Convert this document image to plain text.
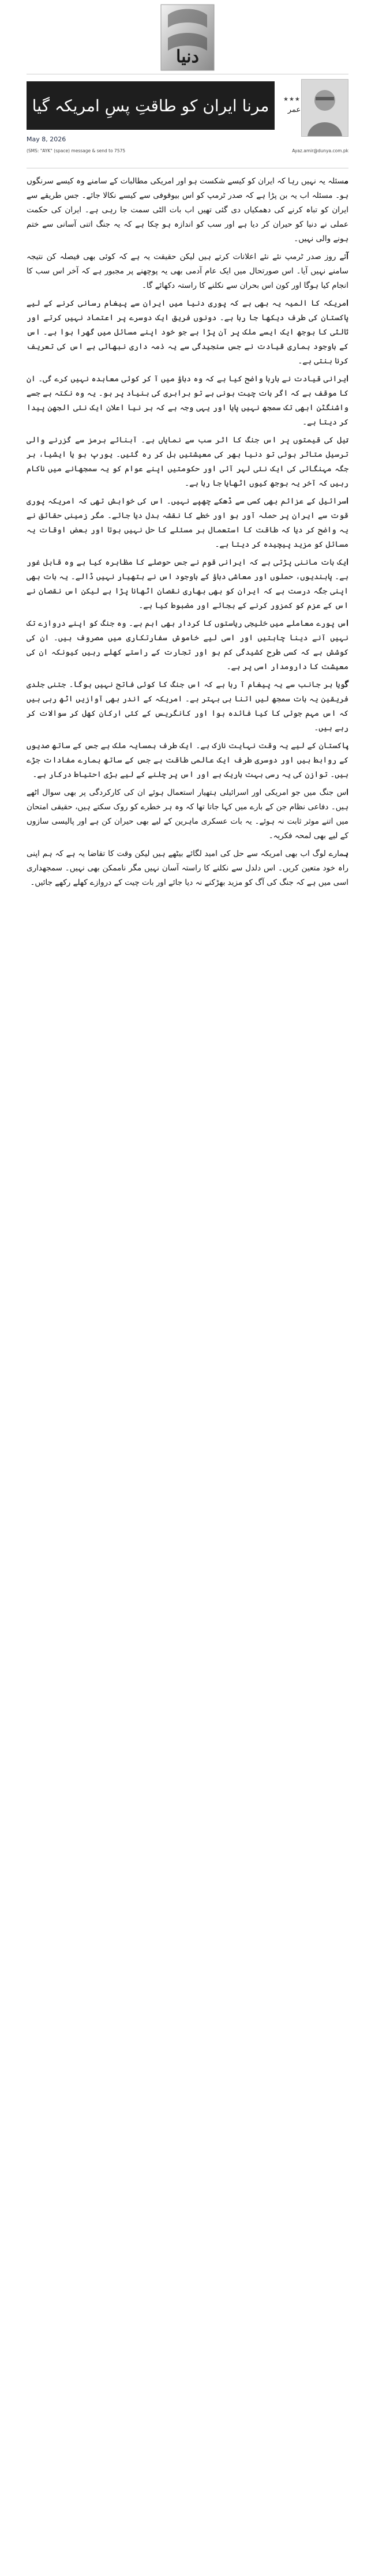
دنیا
مرنا ایران کو طاقتِ پسِ امریکہ گیا ★★★
عمر
May 8, 2026
(SMS: "AYK" (space) message & send to 7575	Ayaz.amir@dunya.com.pk

مسئلہ یہ نہیں رہا کہ ایران کو کیسے شکست ہو اور امریکی مطالبات کے سامنے وہ کیسے سرنگوں ہو۔ مسئلہ اب یہ بن پڑا ہے کہ صدر ٹرمپ کو اس بیوقوفی سے کیسے نکالا جائے۔ جس طریقے سے ایران کو تباہ کرنے کی دھمکیاں دی گئی تھیں اب بات الٹی سمت جا رہی ہے۔ ایران کی حکمت عملی نے دنیا کو حیران کر دیا ہے اور سب کو اندازہ ہو چکا ہے کہ یہ جنگ اتنی آسانی سے ختم ہونے والی نہیں۔

آئے روز صدر ٹرمپ نئے نئے اعلانات کرتے ہیں لیکن حقیقت یہ ہے کہ کوئی بھی فیصلہ کن نتیجہ سامنے نہیں آیا۔ اس صورتحال میں ایک عام آدمی بھی یہ پوچھنے پر مجبور ہے کہ آخر اس سب کا انجام کیا ہوگا اور کون اس بحران سے نکلنے کا راستہ دکھائے گا۔

امریکہ کا المیہ یہ بھی ہے کہ پوری دنیا میں ایران سے پیغام رسانی کرنے کے لیے پاکستان کی طرف دیکھا جا رہا ہے۔ دونوں فریق ایک دوسرے پر اعتماد نہیں کرتے اور ثالثی کا بوجھ ایک ایسے ملک پر آن پڑا ہے جو خود اپنے مسائل میں گھرا ہوا ہے۔ اس کے باوجود ہماری قیادت نے جس سنجیدگی سے یہ ذمہ داری نبھائی ہے اس کی تعریف کرنا بنتی ہے۔

ایرانی قیادت نے بارہا واضح کیا ہے کہ وہ دباؤ میں آ کر کوئی معاہدہ نہیں کرے گی۔ ان کا موقف ہے کہ اگر بات چیت ہونی ہے تو برابری کی بنیاد پر ہو۔ یہ وہ نکتہ ہے جسے واشنگٹن ابھی تک سمجھ نہیں پایا اور یہی وجہ ہے کہ ہر نیا اعلان ایک نئی الجھن پیدا کر دیتا ہے۔

تیل کی قیمتوں پر اس جنگ کا اثر سب سے نمایاں ہے۔ آبنائے ہرمز سے گزرنے والی ترسیل متاثر ہوئی تو دنیا بھر کی معیشتیں ہل کر رہ گئیں۔ یورپ ہو یا ایشیا، ہر جگہ مہنگائی کی ایک نئی لہر آئی اور حکومتیں اپنے عوام کو یہ سمجھانے میں ناکام رہیں کہ آخر یہ بوجھ کیوں اٹھایا جا رہا ہے۔

اسرائیل کے عزائم بھی کسی سے ڈھکے چھپے نہیں۔ اس کی خواہش تھی کہ امریکہ پوری قوت سے ایران پر حملہ آور ہو اور خطے کا نقشہ بدل دیا جائے۔ مگر زمینی حقائق نے یہ واضح کر دیا کہ طاقت کا استعمال ہر مسئلے کا حل نہیں ہوتا اور بعض اوقات یہ مسائل کو مزید پیچیدہ کر دیتا ہے۔

ایک بات ماننی پڑتی ہے کہ ایرانی قوم نے جس حوصلے کا مظاہرہ کیا ہے وہ قابل غور ہے۔ پابندیوں، حملوں اور معاشی دباؤ کے باوجود اس نے ہتھیار نہیں ڈالے۔ یہ بات بھی اپنی جگہ درست ہے کہ ایران کو بھی بھاری نقصان اٹھانا پڑا ہے لیکن اس نقصان نے اس کے عزم کو کمزور کرنے کے بجائے اور مضبوط کیا ہے۔

اس پورے معاملے میں خلیجی ریاستوں کا کردار بھی اہم ہے۔ وہ جنگ کو اپنے دروازے تک نہیں آنے دینا چاہتیں اور اسی لیے خاموش سفارتکاری میں مصروف ہیں۔ ان کی کوشش ہے کہ کسی طرح کشیدگی کم ہو اور تجارت کے راستے کھلے رہیں کیونکہ ان کی معیشت کا دارومدار اسی پر ہے۔

گویا ہر جانب سے یہ پیغام آ رہا ہے کہ اس جنگ کا کوئی فاتح نہیں ہوگا۔ جتنی جلدی فریقین یہ بات سمجھ لیں اتنا ہی بہتر ہے۔ امریکہ کے اندر بھی آوازیں اٹھ رہی ہیں کہ اس مہم جوئی کا کیا فائدہ ہوا اور کانگریس کے کئی ارکان کھل کر سوالات کر رہے ہیں۔

پاکستان کے لیے یہ وقت نہایت نازک ہے۔ ایک طرف ہمسایہ ملک ہے جس کے ساتھ صدیوں کے روابط ہیں اور دوسری طرف ایک عالمی طاقت ہے جس کے ساتھ ہمارے مفادات جڑے ہیں۔ توازن کی یہ رسی بہت باریک ہے اور اس پر چلنے کے لیے بڑی احتیاط درکار ہے۔

اس جنگ میں جو امریکی اور اسرائیلی ہتھیار استعمال ہوئے ان کی کارکردگی پر بھی سوال اٹھے ہیں۔ دفاعی نظام جن کے بارے میں کہا جاتا تھا کہ وہ ہر خطرے کو روک سکتے ہیں، حقیقی امتحان میں اتنے موثر ثابت نہ ہوئے۔ یہ بات عسکری ماہرین کے لیے بھی حیران کن ہے اور پالیسی سازوں کے لیے بھی لمحہ فکریہ۔

ہمارے لوگ اب بھی امریکہ سے حل کی امید لگائے بیٹھے ہیں لیکن وقت کا تقاضا یہ ہے کہ ہم اپنی راہ خود متعین کریں۔ اس دلدل سے نکلنے کا راستہ آسان نہیں مگر ناممکن بھی نہیں۔ سمجھداری اسی میں ہے کہ جنگ کی آگ کو مزید بھڑکنے نہ دیا جائے اور بات چیت کے دروازے کھلے رکھے جائیں۔
